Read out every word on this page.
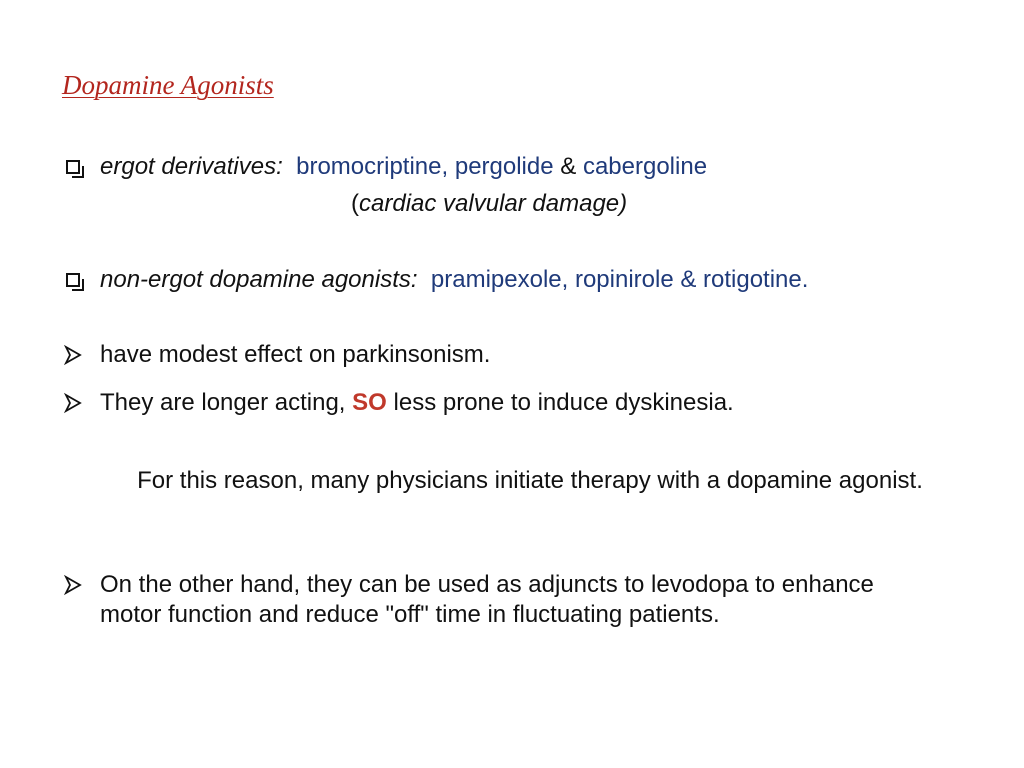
Dopamine Agonists
ergot derivatives: bromocriptine, pergolide & cabergoline
(cardiac valvular damage)
non-ergot dopamine agonists: pramipexole, ropinirole & rotigotine.
have modest effect on parkinsonism.
They are longer acting, SO less prone to induce dyskinesia.
For this reason, many physicians initiate therapy with a dopamine agonist.
On the other hand, they can be used as adjuncts to levodopa to enhance motor function and reduce "off" time in fluctuating patients.
